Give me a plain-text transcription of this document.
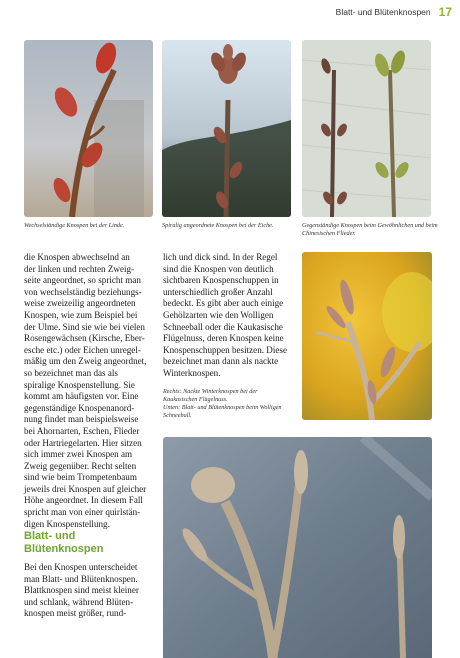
Blatt- und Blütenknospen 17
Wechselständige Knospen bei der Linde.	Spiralig angeordnete Knospen bei der Eiche.	Gegenständige Knospen beim Gewöhnlichen und beim Chinesischen Flieder.

die Knospen abwechselnd an
der linken und rechten Zweig-
seite angeordnet, so spricht man
von wechselständig beziehungs-
weise zweizeilig angeordneten
Knospen, wie zum Beispiel bei
der Ulme. Sind sie wie bei vielen
Rosengewächsen (Kirsche, Eber-
esche etc.) oder Eichen unregel-
mäßig um den Zweig angeordnet,
so bezeichnet man das als
spiralige Knospenstellung. Sie
kommt am häufigsten vor. Eine
gegenständige Knospenanord-
nung findet man beispielsweise
bei Ahornarten, Eschen, Flieder
oder Hartriegelarten. Hier sitzen
sich immer zwei Knospen am
Zweig gegenüber. Recht selten
sind wie beim Trompetenbaum
jeweils drei Knospen auf gleicher
Höhe angeordnet. In diesem Fall
spricht man von einer quirlstän-
digen Knospenstellung.

lich und dick sind. In der Regel
sind die Knospen von deutlich
sichtbaren Knospenschuppen in
unterschiedlich großer Anzahl
bedeckt. Es gibt aber auch einige
Gehölzarten wie den Wolligen
Schneeball oder die Kaukasische
Flügelnuss, deren Knospen keine
Knospenschuppen besitzen. Diese
bezeichnet man dann als nackte
Winterknospen.

Rechts: Nackte Winterknospen bei der Kaukasischen Flügelnuss.
Unten: Blatt- und Blütenknospen beim Wolligen Schneeball.
Blatt- und
Blütenknospen

Bei den Knospen unterscheidet
man Blatt- und Blütenknospen.
Blattknospen sind meist kleiner
und schlank, während Blüten-
knospen meist größer, rund-
